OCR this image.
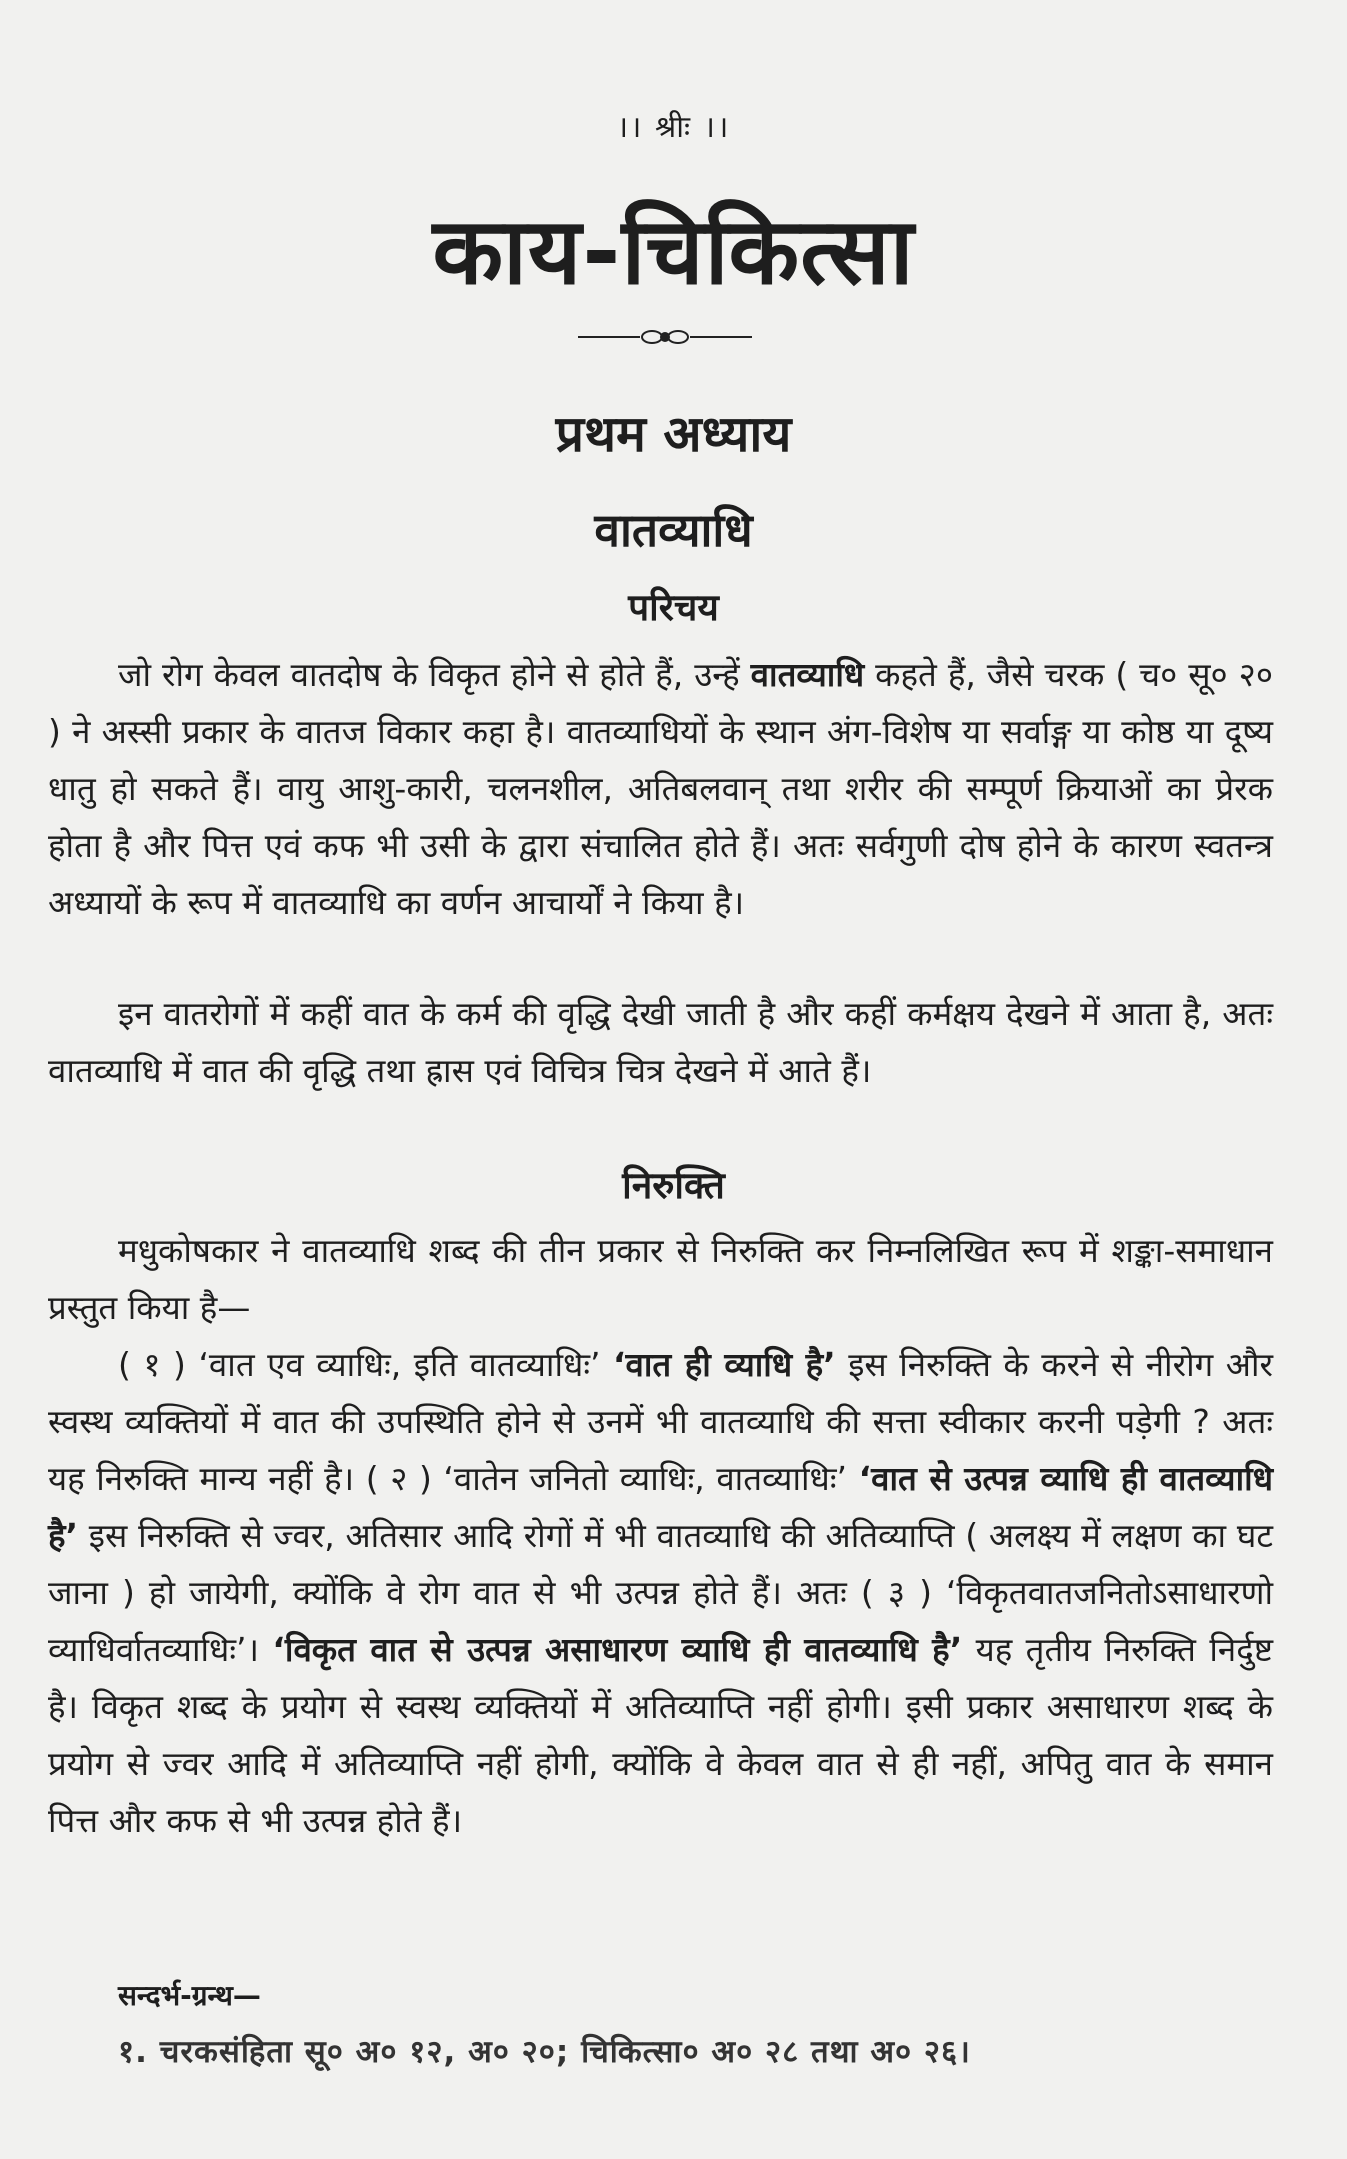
।। श्रीः ।।
काय-चिकित्सा
प्रथम अध्याय
वातव्याधि
परिचय
जो रोग केवल वातदोष के विकृत होने से होते हैं, उन्हें वातव्याधि कहते हैं, जैसे चरक ( च० सू० २० ) ने अस्सी प्रकार के वातज विकार कहा है। वातव्याधियों के स्थान अंग-विशेष या सर्वाङ्ग या कोष्ठ या दूष्य धातु हो सकते हैं। वायु आशु-कारी, चलनशील, अतिबलवान् तथा शरीर की सम्पूर्ण क्रियाओं का प्रेरक होता है और पित्त एवं कफ भी उसी के द्वारा संचालित होते हैं। अतः सर्वगुणी दोष होने के कारण स्वतन्त्र अध्यायों के रूप में वातव्याधि का वर्णन आचार्यों ने किया है।
इन वातरोगों में कहीं वात के कर्म की वृद्धि देखी जाती है और कहीं कर्मक्षय देखने में आता है, अतः वातव्याधि में वात की वृद्धि तथा ह्रास एवं विचित्र चित्र देखने में आते हैं।
निरुक्ति
मधुकोषकार ने वातव्याधि शब्द की तीन प्रकार से निरुक्ति कर निम्नलिखित रूप में शङ्का-समाधान प्रस्तुत किया है—
( १ ) ‘वात एव व्याधिः, इति वातव्याधिः’ ‘वात ही व्याधि है’ इस निरुक्ति के करने से नीरोग और स्वस्थ व्यक्तियों में वात की उपस्थिति होने से उनमें भी वातव्याधि की सत्ता स्वीकार करनी पड़ेगी ? अतः यह निरुक्ति मान्य नहीं है। ( २ ) ‘वातेन जनितो व्याधिः, वातव्याधिः’ ‘वात से उत्पन्न व्याधि ही वातव्याधि है’ इस निरुक्ति से ज्वर, अतिसार आदि रोगों में भी वातव्याधि की अतिव्याप्ति ( अलक्ष्य में लक्षण का घट जाना ) हो जायेगी, क्योंकि वे रोग वात से भी उत्पन्न होते हैं। अतः ( ३ ) ‘विकृतवातजनितोऽसाधारणो व्याधिर्वातव्याधिः’। ‘विकृत वात से उत्पन्न असाधारण व्याधि ही वातव्याधि है’ यह तृतीय निरुक्ति निर्दुष्ट है। विकृत शब्द के प्रयोग से स्वस्थ व्यक्तियों में अतिव्याप्ति नहीं होगी। इसी प्रकार असाधारण शब्द के प्रयोग से ज्वर आदि में अतिव्याप्ति नहीं होगी, क्योंकि वे केवल वात से ही नहीं, अपितु वात के समान पित्त और कफ से भी उत्पन्न होते हैं।
सन्दर्भ-ग्रन्थ—
१. चरकसंहिता सू० अ० १२, अ० २०; चिकित्सा० अ० २८ तथा अ० २६।
